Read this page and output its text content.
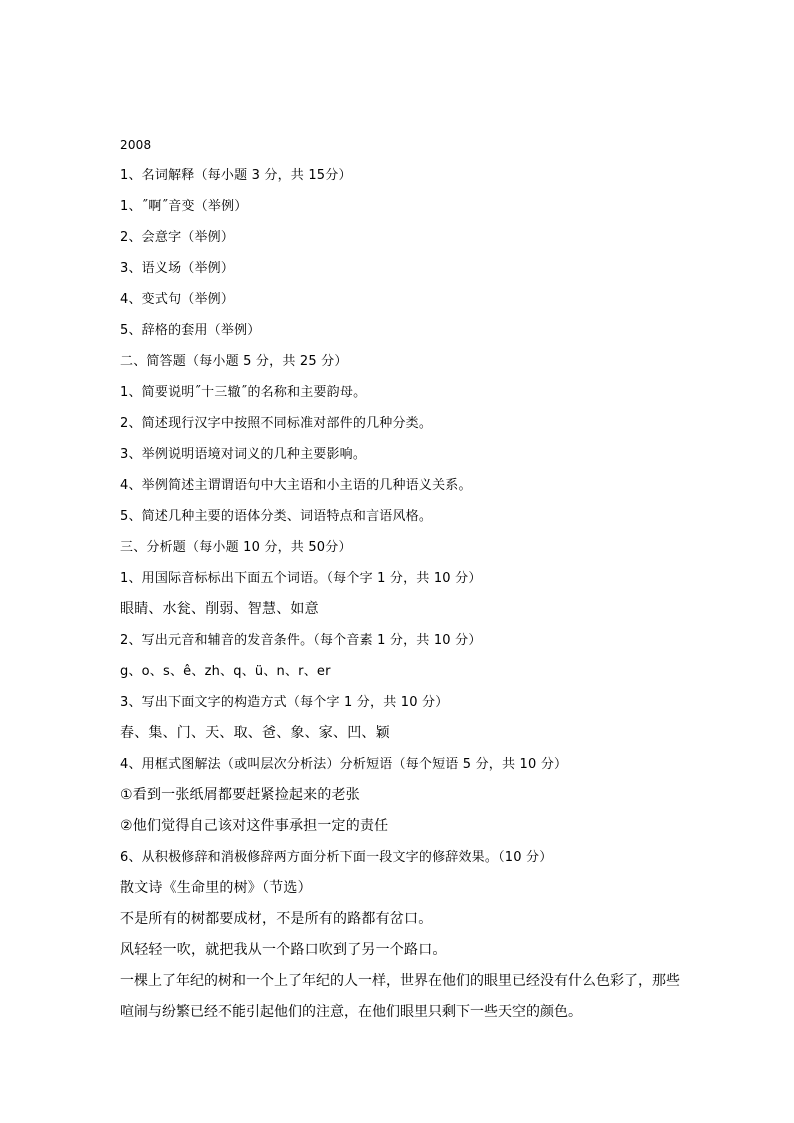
2008
1、名词解释（每小题 3 分，共 15分）
1、˝啊˝音变（举例）
2、会意字（举例）
3、语义场（举例）
4、变式句（举例）
5、辞格的套用（举例）
二、简答题（每小题 5 分，共 25 分）
1、简要说明˝十三辙˝的名称和主要韵母。
2、简述现行汉字中按照不同标准对部件的几种分类。
3、举例说明语境对词义的几种主要影响。
4、举例简述主谓谓语句中大主语和小主语的几种语义关系。
5、简述几种主要的语体分类、词语特点和言语风格。
三、分析题（每小题 10 分，共 50分）
1、用国际音标标出下面五个词语。（每个字 1 分，共 10 分）
眼睛、水瓮、削弱、智慧、如意
2、写出元音和辅音的发音条件。（每个音素 1 分，共 10 分）
g、o、s、ê、zh、q、ü、n、r、er
3、写出下面文字的构造方式（每个字 1 分，共 10 分）
春、集、门、天、取、爸、象、家、凹、颖
4、用框式图解法（或叫层次分析法）分析短语（每个短语 5 分，共 10 分）
①看到一张纸屑都要赶紧捡起来的老张
②他们觉得自己该对这件事承担一定的责任
6、从积极修辞和消极修辞两方面分析下面一段文字的修辞效果。（10 分）
散文诗《生命里的树》（节选）
不是所有的树都要成材，不是所有的路都有岔口。
风轻轻一吹，就把我从一个路口吹到了另一个路口。
一棵上了年纪的树和一个上了年纪的人一样，世界在他们的眼里已经没有什么色彩了，那些喧闹与纷繁已经不能引起他们的注意，在他们眼里只剩下一些天空的颜色。
